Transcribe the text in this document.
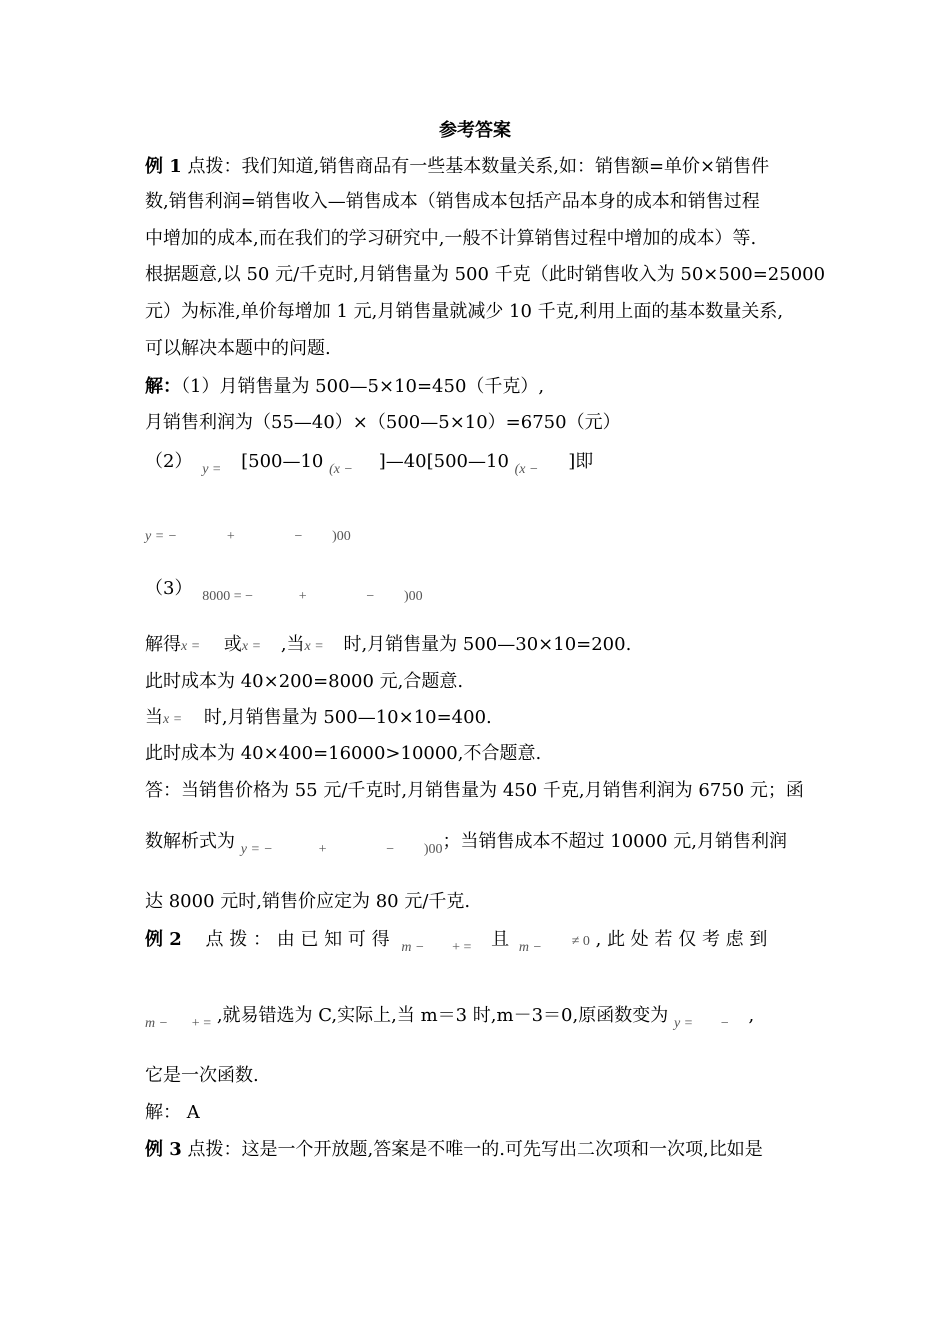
参考答案
例 1 点拨：我们知道,销售商品有一些基本数量关系,如：销售额=单价×销售件
数,销售利润=销售收入—销售成本（销售成本包括产品本身的成本和销售过程
中增加的成本,而在我们的学习研究中,一般不计算销售过程中增加的成本）等.
根据题意,以 50 元/千克时,月销售量为 500 千克（此时销售收入为 50×500=25000
元）为标准,单价每增加 1 元,月销售量就减少 10 千克,利用上面的基本数量关系,
可以解决本题中的问题.
解：（1）月销售量为 500—5×10=450（千克）,
月销售利润为（55—40）×（500—5×10）=6750（元）
（2） $_{y =}$ [500—10 $_{(x -}$ ]—40[500—10 $_{(x -}$ ]即
y = −	+	− )00
（3） $_{8000 = -}$	$_+$	$_-$ $_{)00}$
解得x = 或x = ,当x = 时,月销售量为 500—30×10=200.
此时成本为 40×200=8000 元,合题意.
当x = 时,月销售量为 500—10×10=400.
此时成本为 40×400=16000>10000,不合题意.
答：当销售价格为 55 元/千克时,月销售量为 450 千克,月销售利润为 6750 元；函
数解析式为 $_{y = -}$	$_+$	$_-$ $_{)00}$；当销售成本不超过 10000 元,月销售利润
达 8000 元时,销售价应定为 80 元/千克.
例 2 点 拨 ： 由 已 知 可 得 $_{m -}$ $_{+ =}$ 且 $_{m -}$ ≠ 0 , 此 处 若 仅 考 虑 到
$_{m -}$ $_{+ =}$ ,就易错选为 C,实际上,当 m＝3 时,m－3＝0,原函数变为 $_{y =}$ $_-$ ,
它是一次函数.
解： A
例 3 点拨：这是一个开放题,答案是不唯一的.可先写出二次项和一次项,比如是
